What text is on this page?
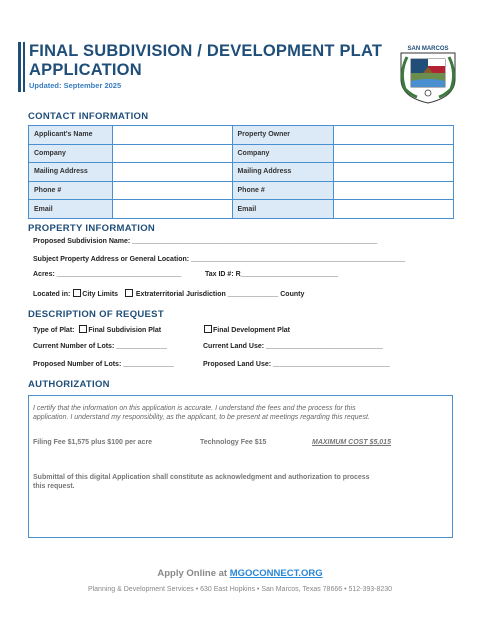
FINAL SUBDIVISION / DEVELOPMENT PLAT
APPLICATION
Updated: September 2025
SAN MARCOS
CONTACT INFORMATION
Applicant's Name		Property Owner	
Company		Company	
Mailing Address		Mailing Address	
Phone #		Phone #	
Email		Email	
PROPERTY INFORMATION
Proposed Subdivision Name: _______________________________________________________________
Subject Property Address or General Location: _______________________________________________________
Acres: ________________________________	Tax ID #: R_________________________
Located in: City Limits	Extraterritorial Jurisdiction _____________ County
DESCRIPTION OF REQUEST
Type of Plat: Final Subdivision Plat	Final Development Plat
Current Number of Lots: _____________	Current Land Use: ______________________________
Proposed Number of Lots: _____________	Proposed Land Use: ______________________________
AUTHORIZATION
I certify that the information on this application is accurate. I understand the fees and the process for this
application. I understand my responsibility, as the applicant, to be present at meetings regarding this request.
Filing Fee $1,575 plus $100 per acre	Technology Fee $15	MAXIMUM COST $5,015
Submittal of this digital Application shall constitute as acknowledgment and authorization to process
this request.
Apply Online at MGOCONNECT.ORG
Planning & Development Services • 630 East Hopkins • San Marcos, Texas 78666 • 512-393-8230
